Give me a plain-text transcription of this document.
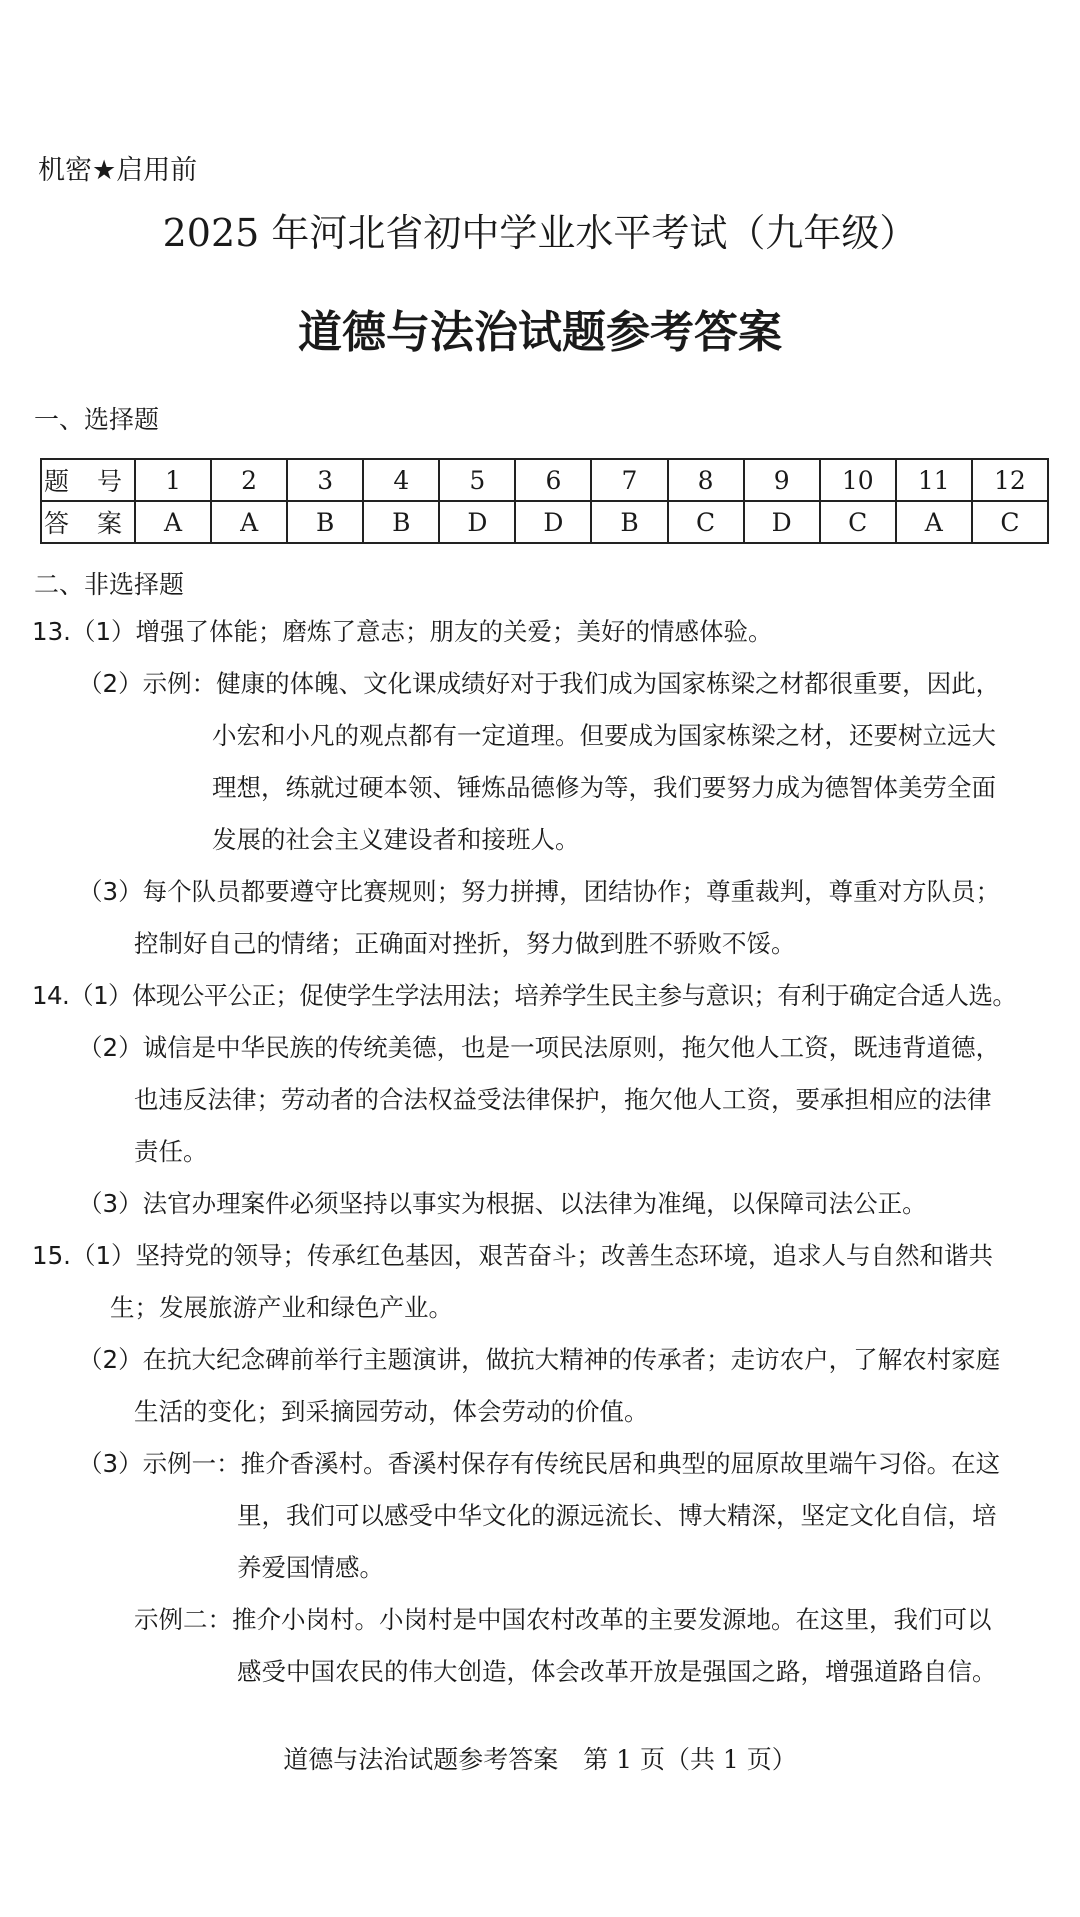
机密★启用前
2025 年河北省初中学业水平考试（九年级）
道德与法治试题参考答案
一、选择题
题 号	1	2	3	4	5	6	7	8	9	10	11	12
答 案	A	A	B	B	D	D	B	C	D	C	A	C
二、非选择题
13.（1）增强了体能；磨炼了意志；朋友的关爱；美好的情感体验。
（2）示例：健康的体魄、文化课成绩好对于我们成为国家栋梁之材都很重要，因此，
小宏和小凡的观点都有一定道理。但要成为国家栋梁之材，还要树立远大
理想，练就过硬本领、锤炼品德修为等，我们要努力成为德智体美劳全面
发展的社会主义建设者和接班人。
（3）每个队员都要遵守比赛规则；努力拼搏，团结协作；尊重裁判，尊重对方队员；
控制好自己的情绪；正确面对挫折，努力做到胜不骄败不馁。
14.（1）体现公平公正；促使学生学法用法；培养学生民主参与意识；有利于确定合适人选。
（2）诚信是中华民族的传统美德，也是一项民法原则，拖欠他人工资，既违背道德，
也违反法律；劳动者的合法权益受法律保护，拖欠他人工资，要承担相应的法律
责任。
（3）法官办理案件必须坚持以事实为根据、以法律为准绳，以保障司法公正。
15.（1）坚持党的领导；传承红色基因，艰苦奋斗；改善生态环境，追求人与自然和谐共
生；发展旅游产业和绿色产业。
（2）在抗大纪念碑前举行主题演讲，做抗大精神的传承者；走访农户，了解农村家庭
生活的变化；到采摘园劳动，体会劳动的价值。
（3）示例一：推介香溪村。香溪村保存有传统民居和典型的屈原故里端午习俗。在这
里，我们可以感受中华文化的源远流长、博大精深，坚定文化自信，培
养爱国情感。
示例二：推介小岗村。小岗村是中国农村改革的主要发源地。在这里，我们可以
感受中国农民的伟大创造，体会改革开放是强国之路，增强道路自信。
道德与法治试题参考答案　第 1 页（共 1 页）
